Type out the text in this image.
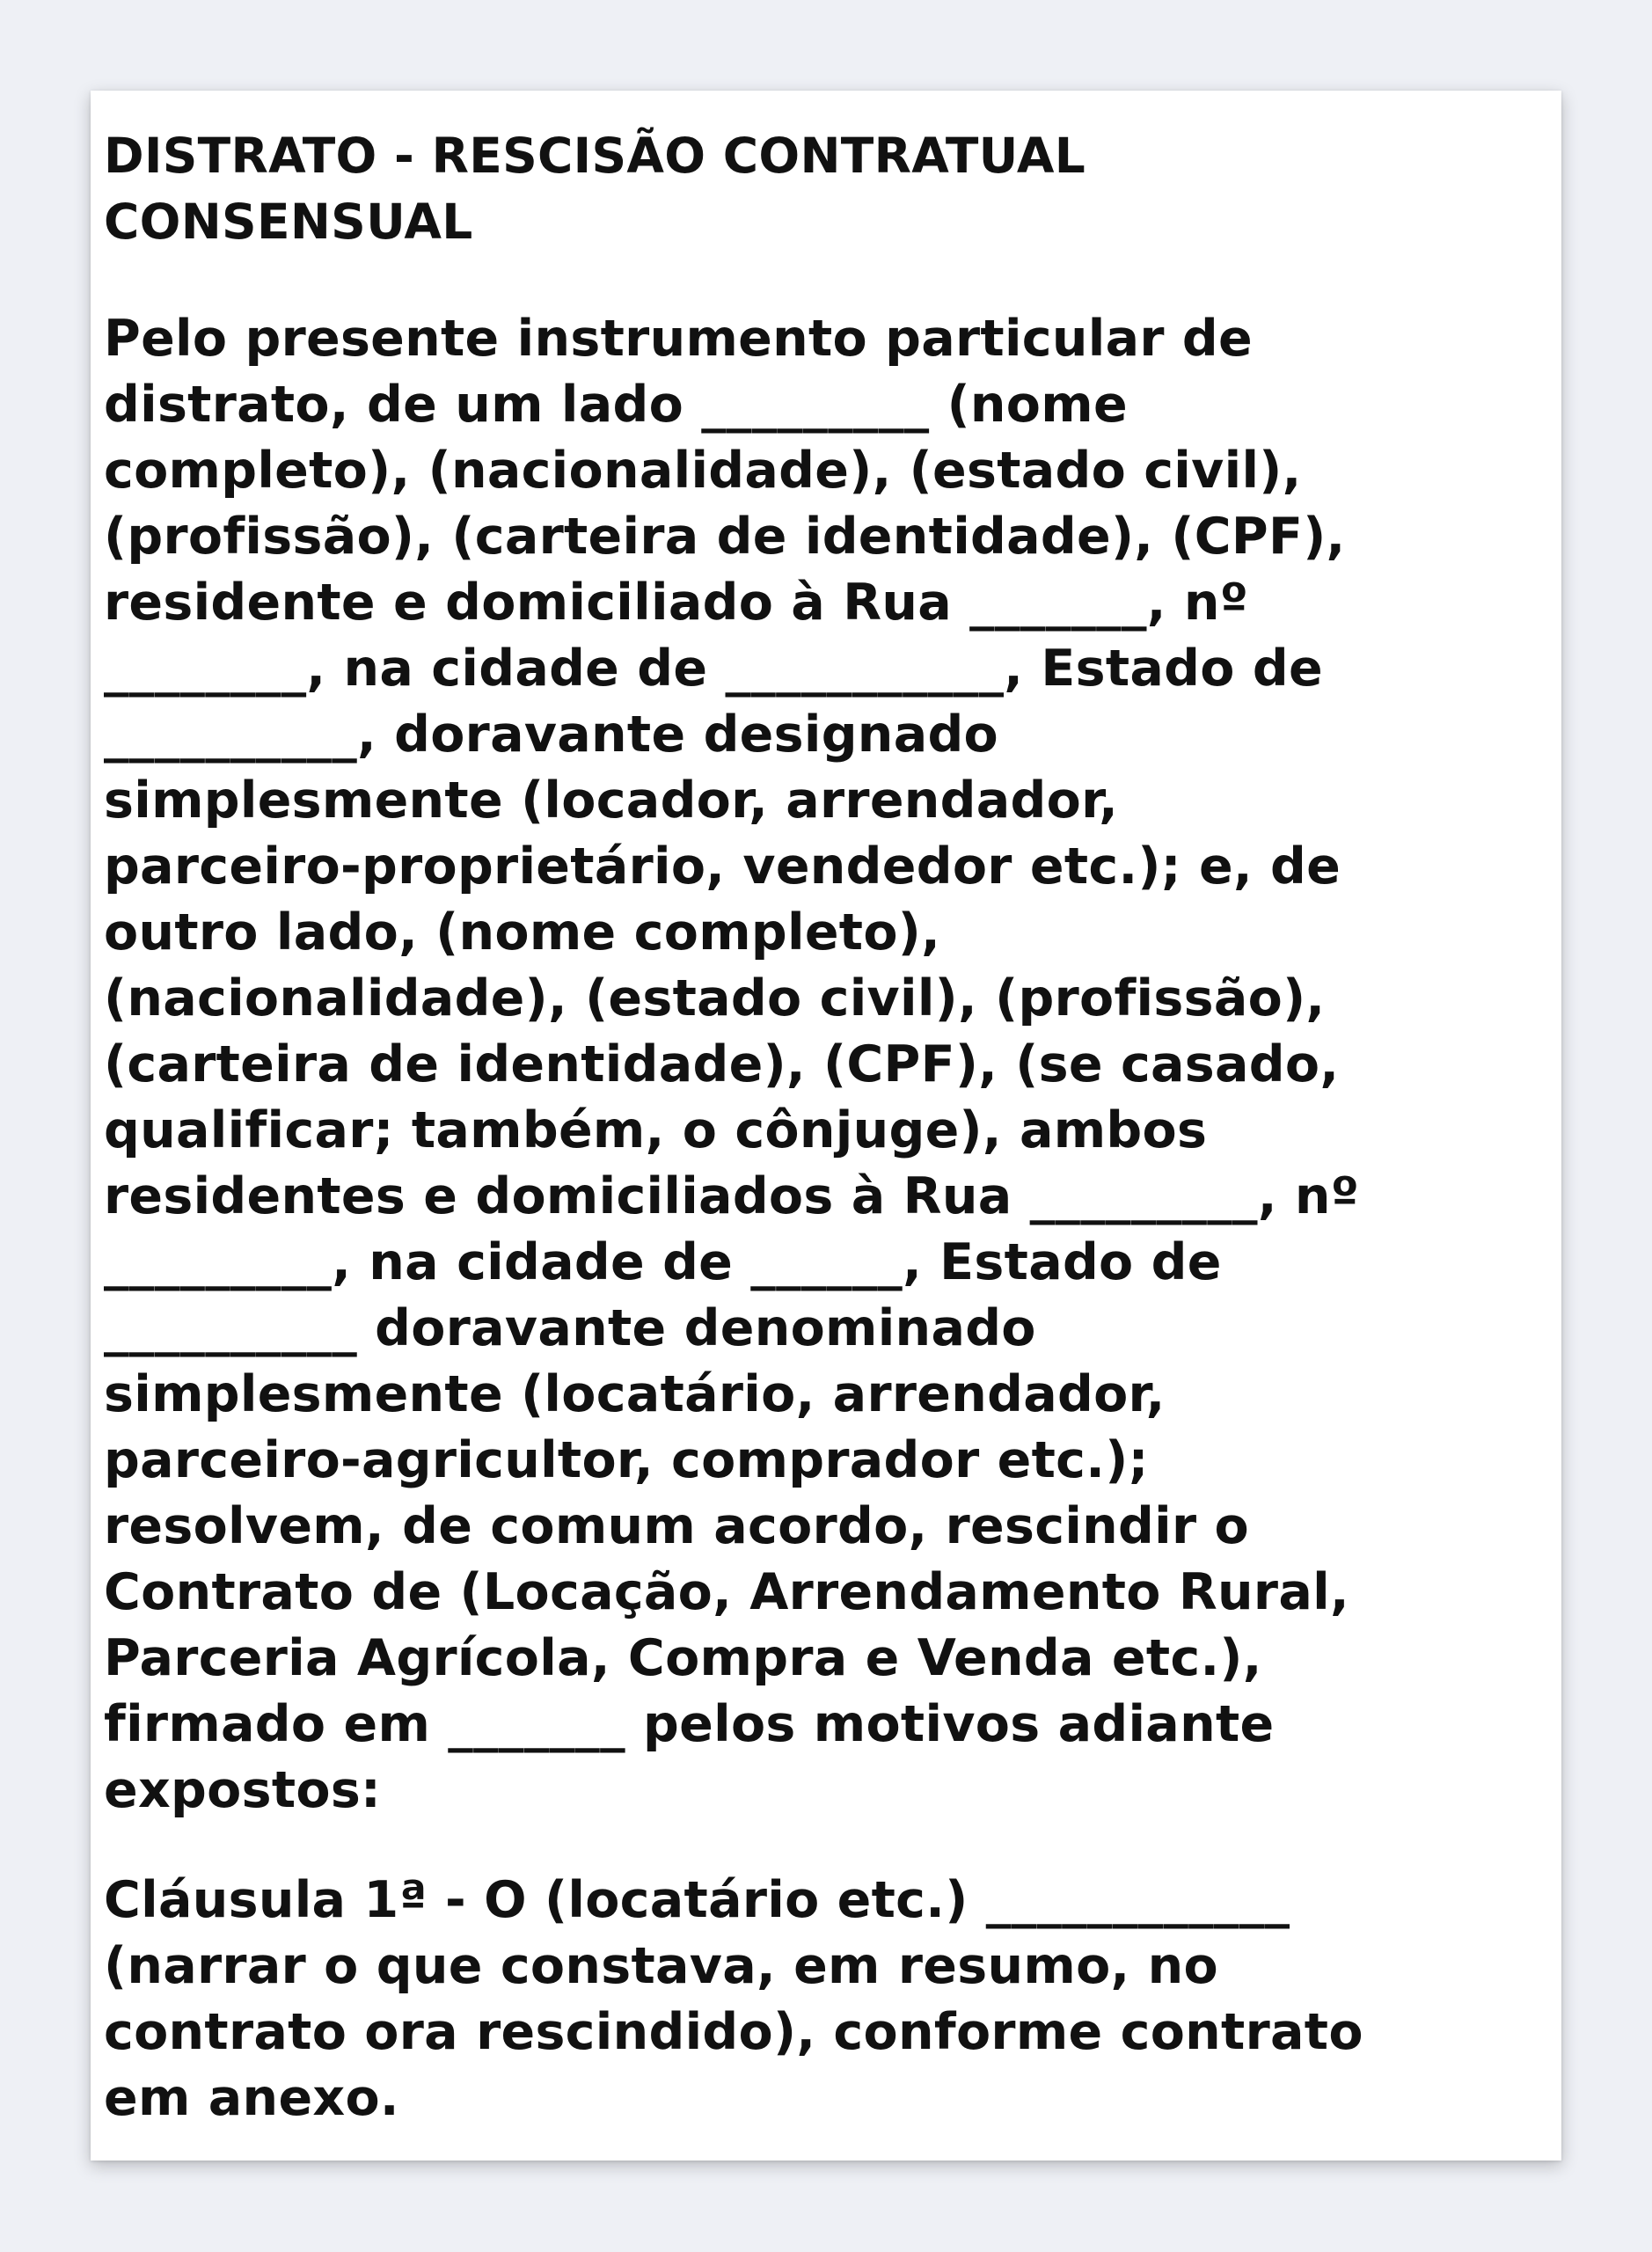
DISTRATO - RESCISÃO CONTRATUAL
CONSENSUAL
Pelo presente instrumento particular de
distrato, de um lado _________ (nome
completo), (nacionalidade), (estado civil),
(profissão), (carteira de identidade), (CPF),
residente e domiciliado à Rua _______, nº
________, na cidade de ___________, Estado de
__________, doravante designado
simplesmente (locador, arrendador,
parceiro-proprietário, vendedor etc.); e, de
outro lado, (nome completo),
(nacionalidade), (estado civil), (profissão),
(carteira de identidade), (CPF), (se casado,
qualificar; também, o cônjuge), ambos
residentes e domiciliados à Rua _________, nº
_________, na cidade de ______, Estado de
__________ doravante denominado
simplesmente (locatário, arrendador,
parceiro-agricultor, comprador etc.);
resolvem, de comum acordo, rescindir o
Contrato de (Locação, Arrendamento Rural,
Parceria Agrícola, Compra e Venda etc.),
firmado em _______ pelos motivos adiante
expostos:
Cláusula 1ª - O (locatário etc.) ____________
(narrar o que constava, em resumo, no
contrato ora rescindido), conforme contrato
em anexo.
